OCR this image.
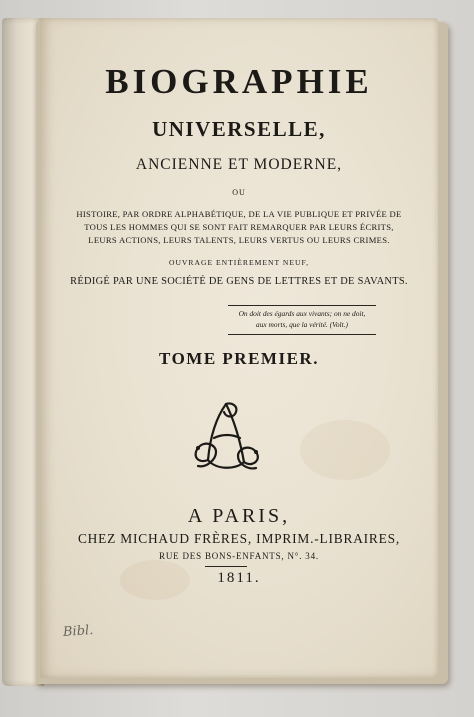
BIOGRAPHIE
UNIVERSELLE,
ANCIENNE ET MODERNE,
OU
HISTOIRE, PAR ORDRE ALPHABÉTIQUE, DE LA VIE PUBLIQUE ET PRIVÉE DE
TOUS LES HOMMES QUI SE SONT FAIT REMARQUER PAR LEURS ÉCRITS,
LEURS ACTIONS, LEURS TALENTS, LEURS VERTUS OU LEURS CRIMES.
OUVRAGE ENTIÈREMENT NEUF,
RÉDIGÉ PAR UNE SOCIÉTÉ DE GENS DE LETTRES ET DE SAVANTS.
On doit des égards aux vivants; on ne doit,
aux morts, que la vérité. (Volt.)
TOME PREMIER.
A PARIS,
CHEZ MICHAUD FRÈRES, IMPRIM.-LIBRAIRES,
RUE DES BONS-ENFANTS, N°. 34.
1811.
Bibl.
